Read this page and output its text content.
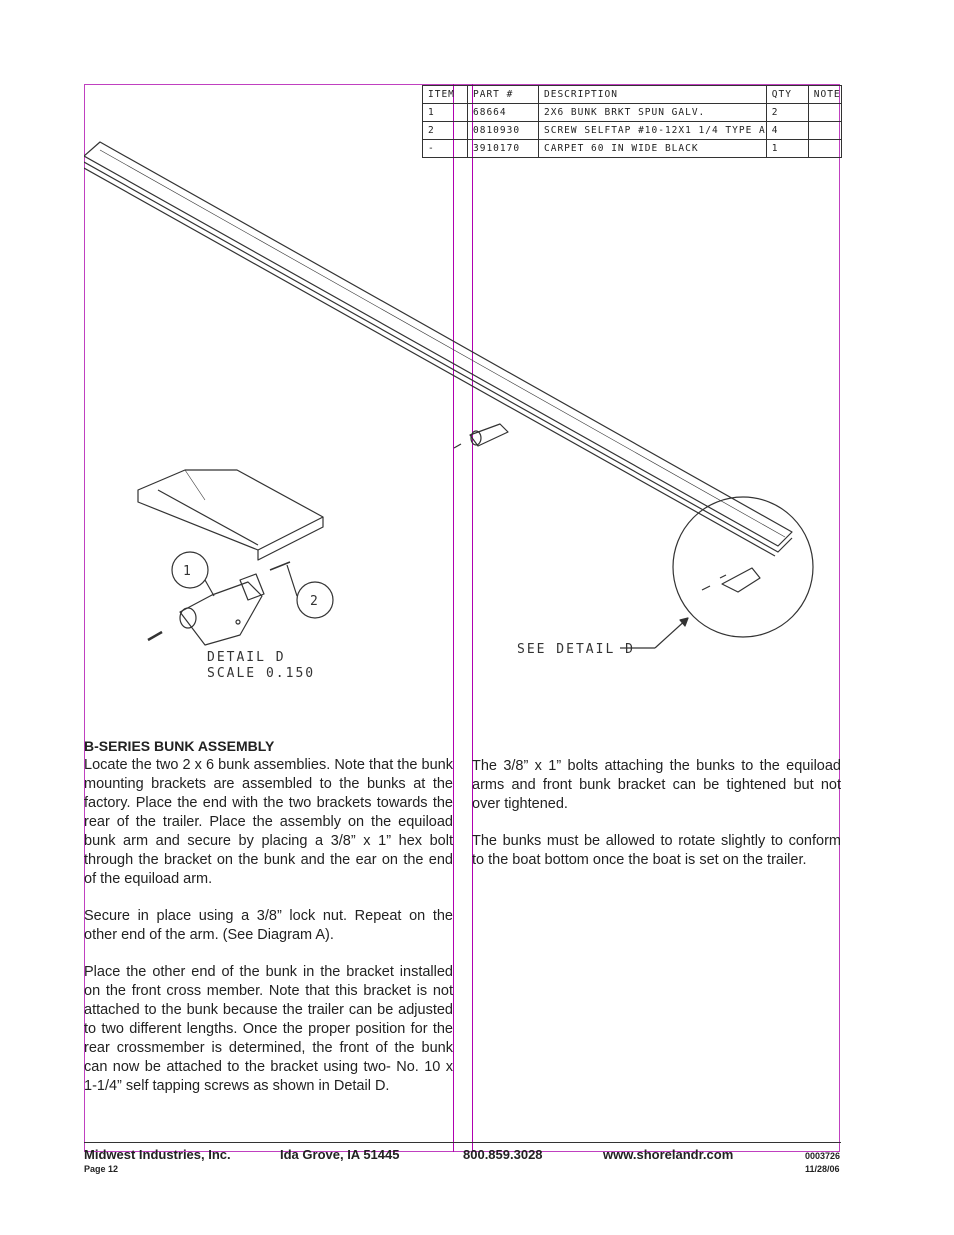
ITEM	PART #	DESCRIPTION	QTY	NOTE
1	68664	2X6 BUNK BRKT SPUN GALV.	2	
2	0810930	SCREW SELFTAP #10-12X1 1/4 TYPE A	4	
-	3910170	CARPET 60 IN WIDE BLACK	1	
1
2
DETAIL D
SCALE 0.150
SEE DETAIL D
B-SERIES BUNK ASSEMBLY

Locate the two 2 x 6 bunk assemblies. Note that the bunk mounting brackets are assembled to the bunks at the factory. Place the end with the two brackets towards the rear of the trailer. Place the assembly on the equiload bunk arm and secure by placing a 3/8” x 1” hex bolt through the bracket on the bunk and the ear on the end of the equiload arm.

Secure in place using a 3/8” lock nut. Repeat on the other end of the arm. (See Diagram A).

Place the other end of the bunk in the bracket installed on the front cross member. Note that this bracket is not attached to the bunk because the trailer can be adjusted to two different lengths. Once the proper position for the rear crossmember is determined, the front of the bunk can now be attached to the bracket using two- No. 10 x 1-1/4” self tapping screws as shown in Detail D.

The 3/8” x 1” bolts attaching the bunks to the equiload arms and front bunk bracket can be tightened but not over tightened.

The bunks must be allowed to rotate slightly to conform to the boat bottom once the boat is set on the trailer.

Midwest Industries, Inc.	Ida Grove, IA 51445	800.859.3028	www.shorelandr.com
Page 12
0003726
11/28/06
